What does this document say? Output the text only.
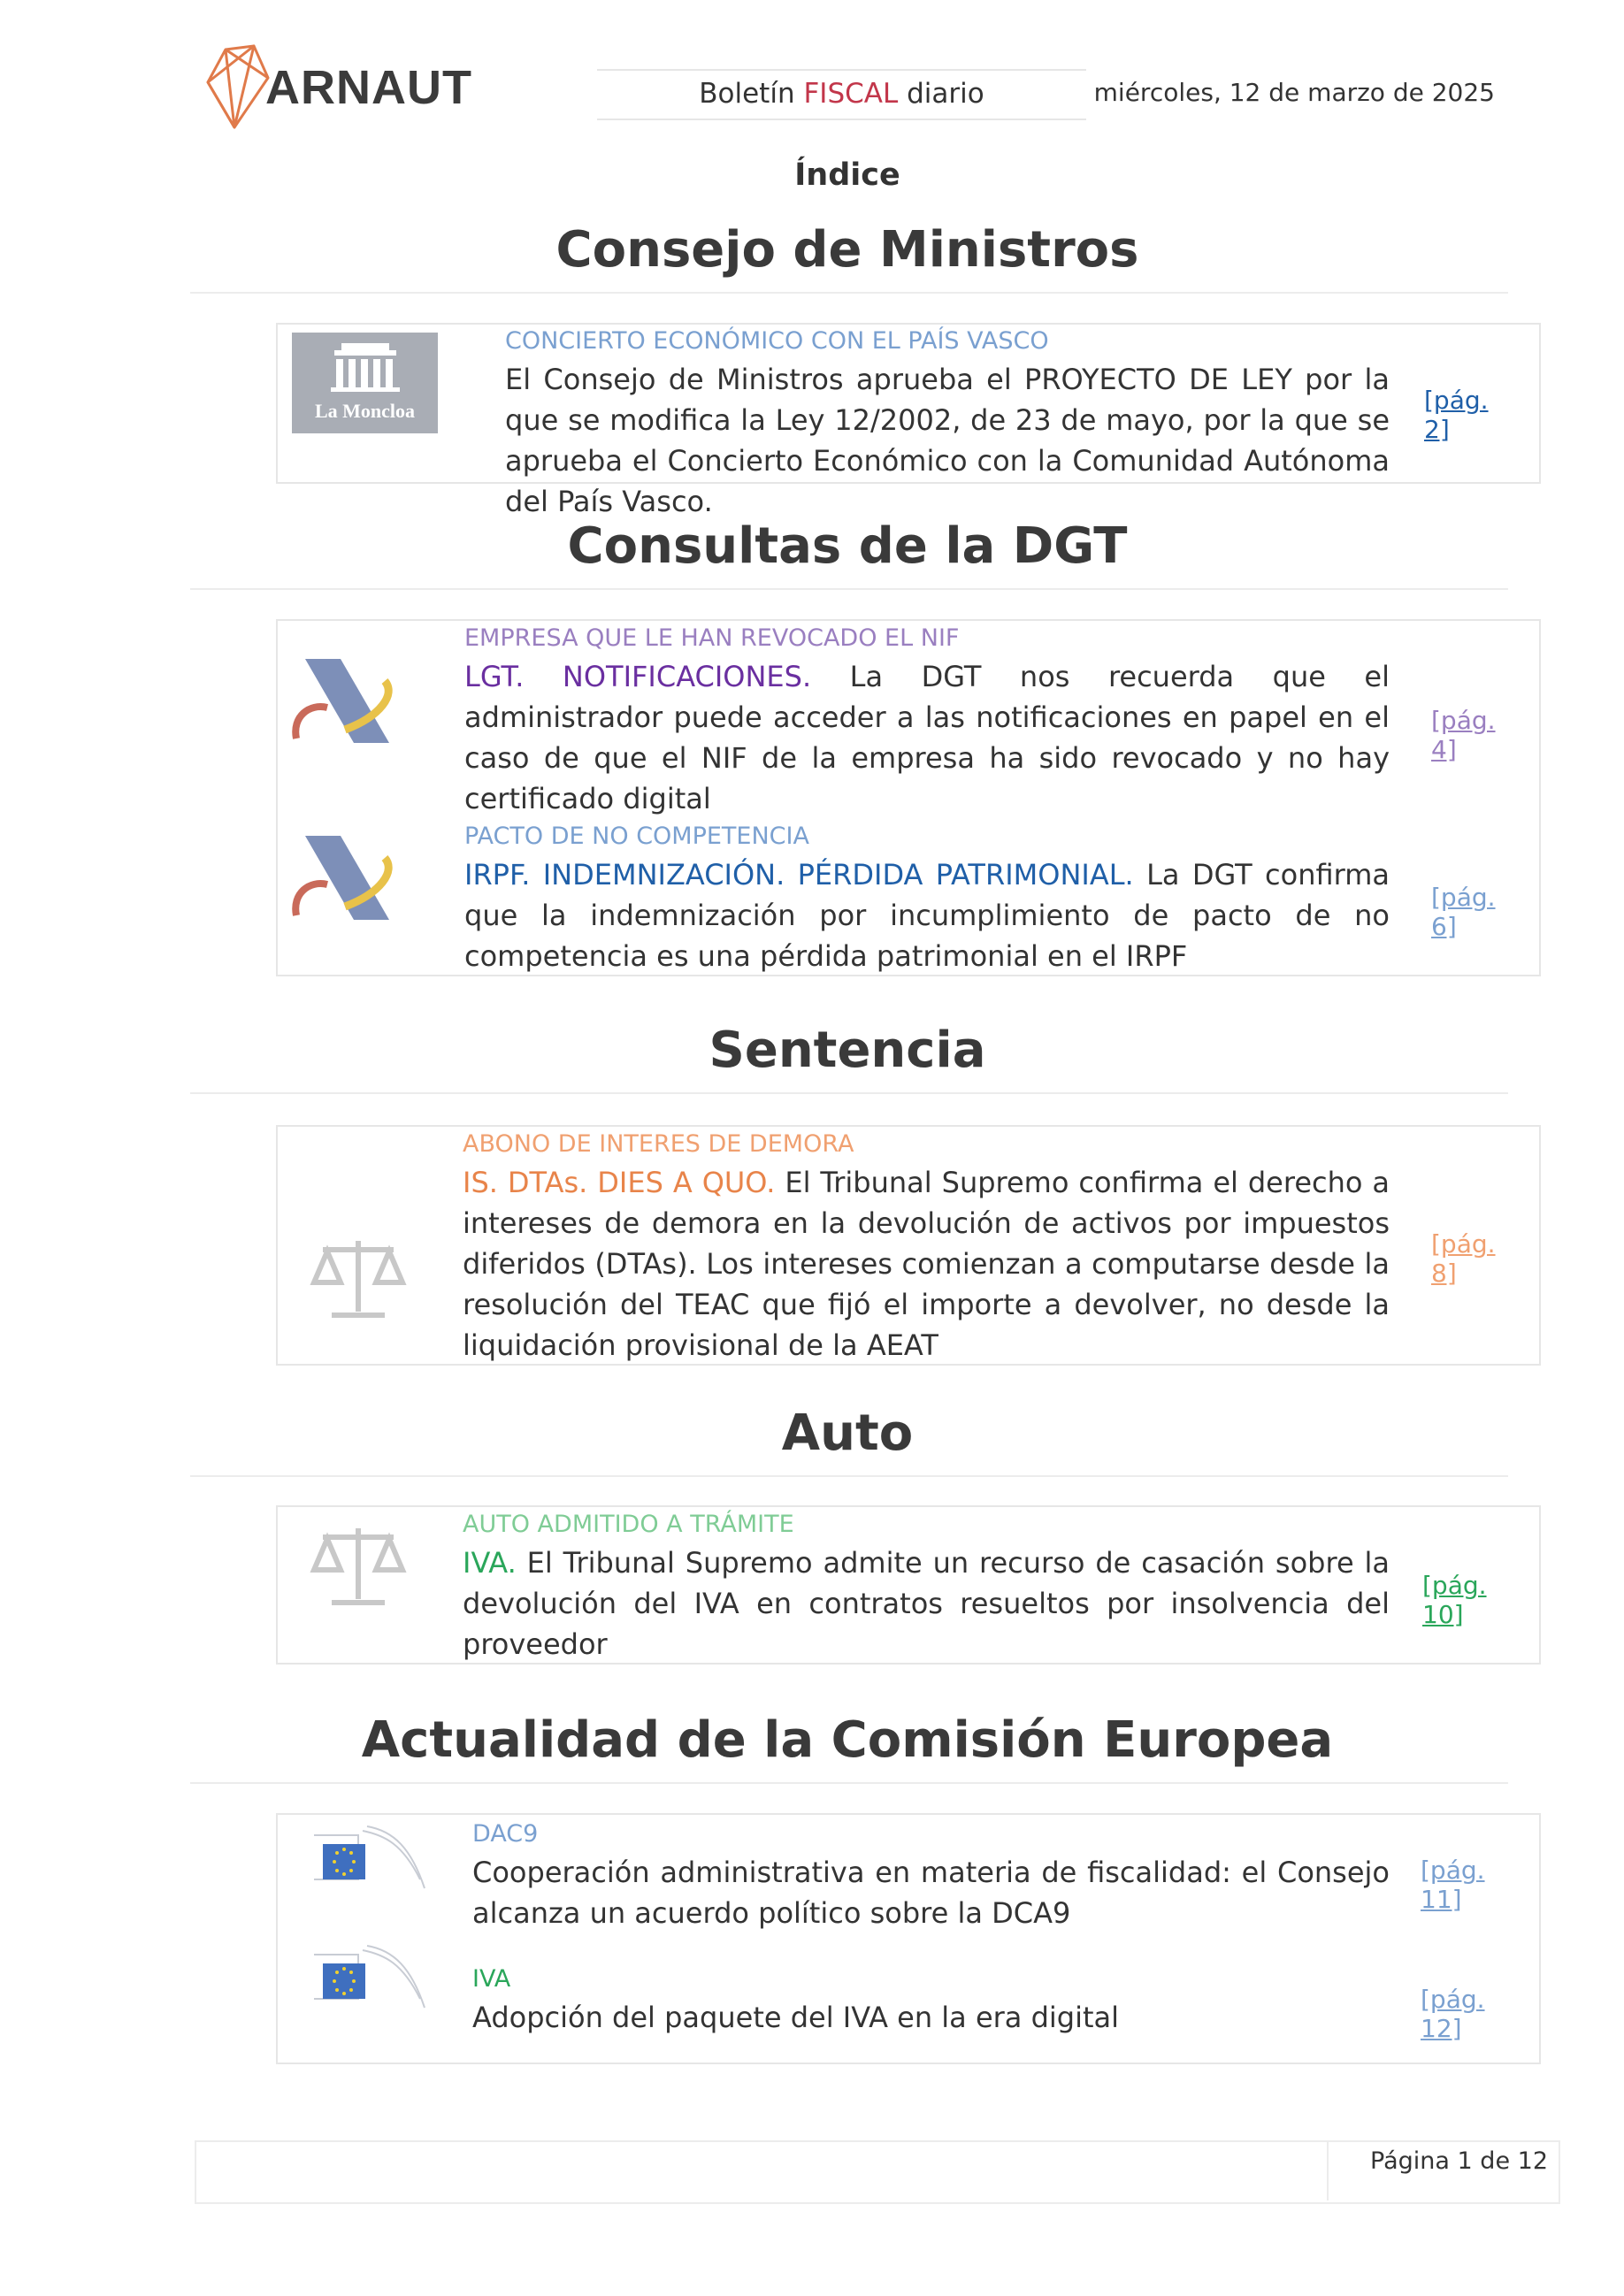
ARNAUT	Boletín FISCAL diario	miércoles, 12 de marzo de 2025
Índice
Consejo de Ministros
La Moncloa
CONCIERTO ECONÓMICO CON EL PAÍS VASCO
El Consejo de Ministros aprueba el PROYECTO DE LEY por la que se modifica la Ley 12/2002, de 23 de mayo, por la que se aprueba el Concierto Económico con la Comunidad Autónoma del País Vasco.
[pág. 2]
Consultas de la DGT
EMPRESA QUE LE HAN REVOCADO EL NIF
LGT. NOTIFICACIONES. La DGT nos recuerda que el administrador puede acceder a las notificaciones en papel en el caso de que el NIF de la empresa ha sido revocado y no hay certificado digital
[pág. 4]
PACTO DE NO COMPETENCIA
IRPF. INDEMNIZACIÓN. PÉRDIDA PATRIMONIAL. La DGT confirma que la indemnización por incumplimiento de pacto de no competencia es una pérdida patrimonial en el IRPF
[pág. 6]
Sentencia
ABONO DE INTERES DE DEMORA
IS. DTAs. DIES A QUO. El Tribunal Supremo confirma el derecho a intereses de demora en la devolución de activos por impuestos diferidos (DTAs). Los intereses comienzan a computarse desde la resolución del TEAC que fijó el importe a devolver, no desde la liquidación provisional de la AEAT
[pág. 8]
Auto
AUTO ADMITIDO A TRÁMITE
IVA. El Tribunal Supremo admite un recurso de casación sobre la devolución del IVA en contratos resueltos por insolvencia del proveedor
[pág. 10]
Actualidad de la Comisión Europea
DAC9
Cooperación administrativa en materia de fiscalidad: el Consejo alcanza un acuerdo político sobre la DCA9
[pág. 11]
IVA
Adopción del paquete del IVA en la era digital
[pág. 12]
Página 1 de 12
